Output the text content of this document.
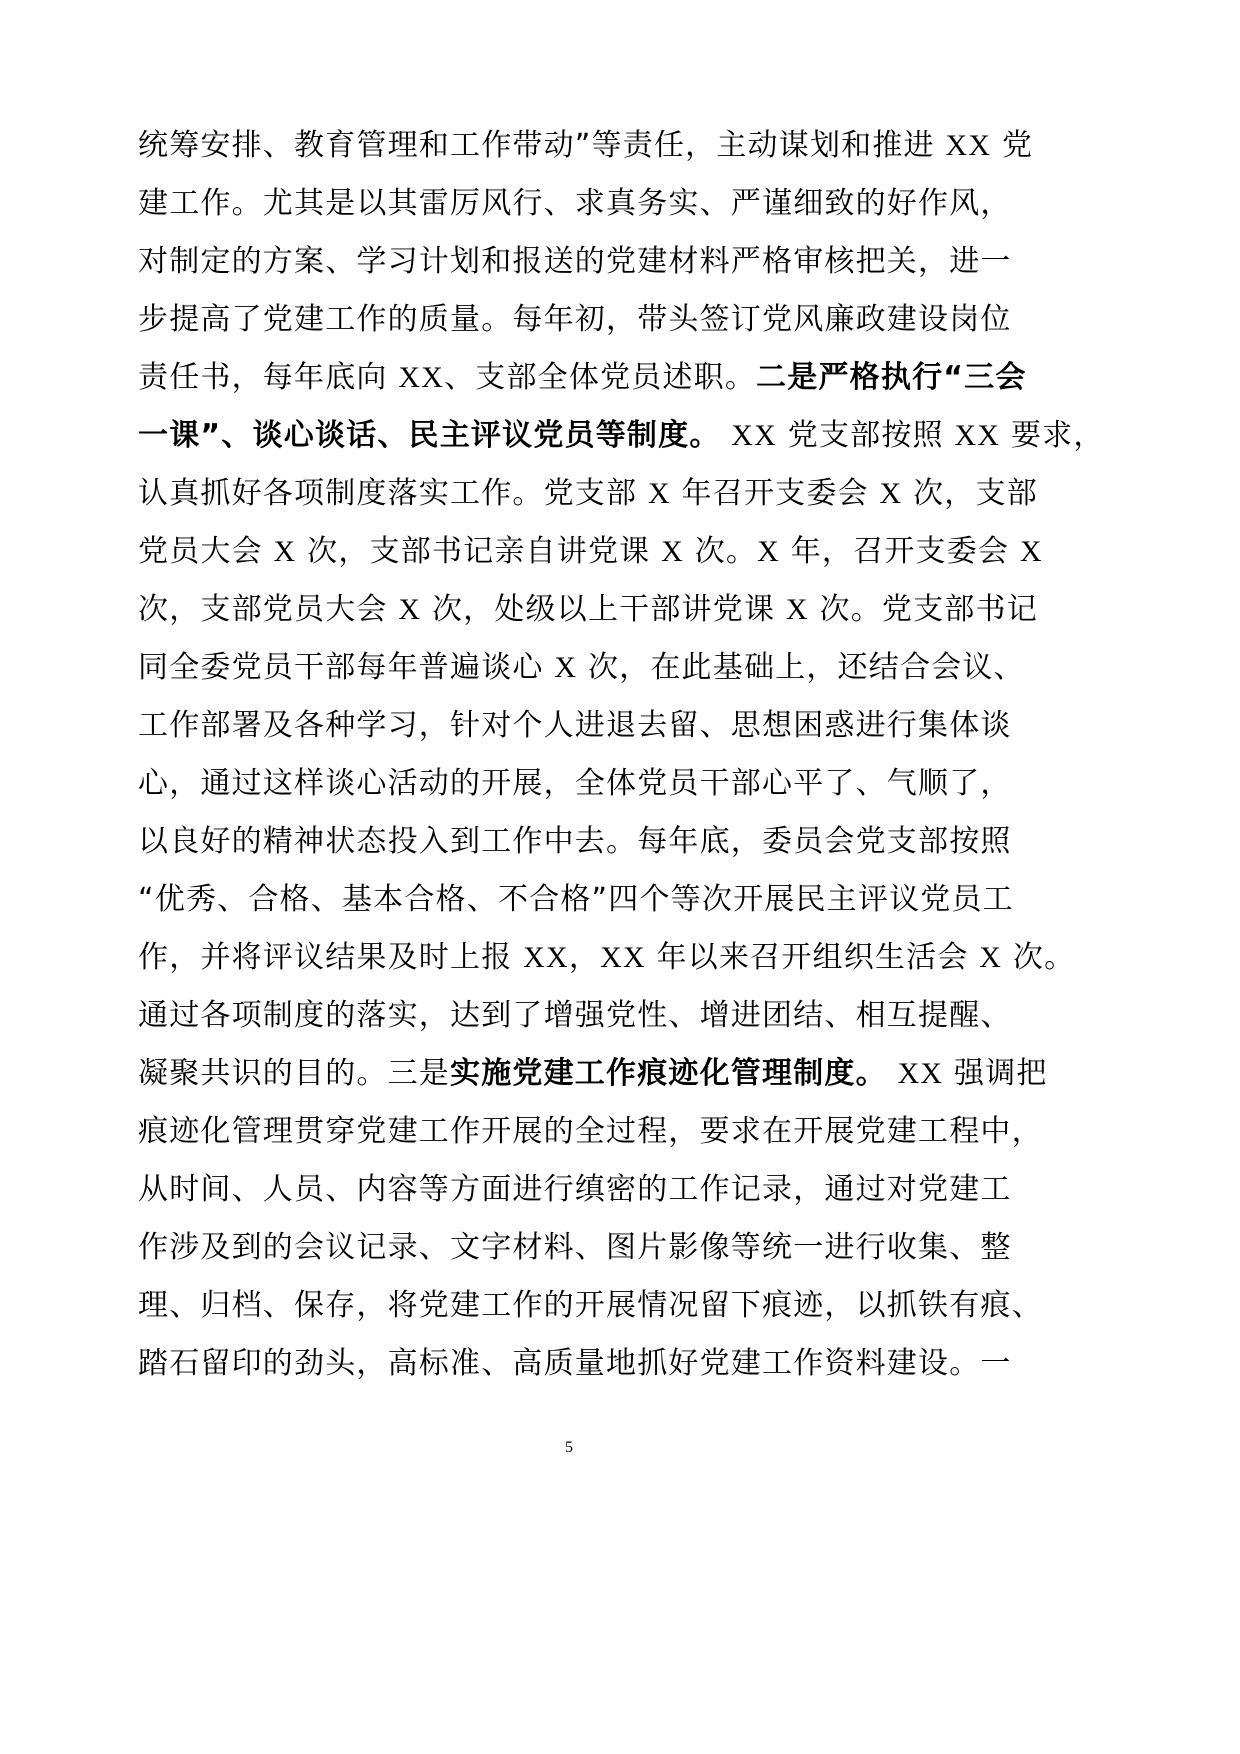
统筹安排、教育管理和工作带动”等责任，主动谋划和推进 XX 党
建工作。尤其是以其雷厉风行、求真务实、严谨细致的好作风，
对制定的方案、学习计划和报送的党建材料严格审核把关，进一
步提高了党建工作的质量。每年初，带头签订党风廉政建设岗位
责任书，每年底向 XX、支部全体党员述职。二是严格执行“三会
一课”、谈心谈话、民主评议党员等制度。 XX 党支部按照 XX 要求，
认真抓好各项制度落实工作。党支部 X 年召开支委会 X 次，支部
党员大会 X 次，支部书记亲自讲党课 X 次。X 年，召开支委会 X
次，支部党员大会 X 次，处级以上干部讲党课 X 次。党支部书记
同全委党员干部每年普遍谈心 X 次，在此基础上，还结合会议、
工作部署及各种学习，针对个人进退去留、思想困惑进行集体谈
心，通过这样谈心活动的开展，全体党员干部心平了、气顺了，
以良好的精神状态投入到工作中去。每年底，委员会党支部按照
“优秀、合格、基本合格、不合格”四个等次开展民主评议党员工
作，并将评议结果及时上报 XX，XX 年以来召开组织生活会 X 次。
通过各项制度的落实，达到了增强党性、增进团结、相互提醒、
凝聚共识的目的。三是实施党建工作痕迹化管理制度。 XX 强调把
痕迹化管理贯穿党建工作开展的全过程，要求在开展党建工程中，
从时间、人员、内容等方面进行缜密的工作记录，通过对党建工
作涉及到的会议记录、文字材料、图片影像等统一进行收集、整
理、归档、保存，将党建工作的开展情况留下痕迹，以抓铁有痕、
踏石留印的劲头，高标准、高质量地抓好党建工作资料建设。一
5
